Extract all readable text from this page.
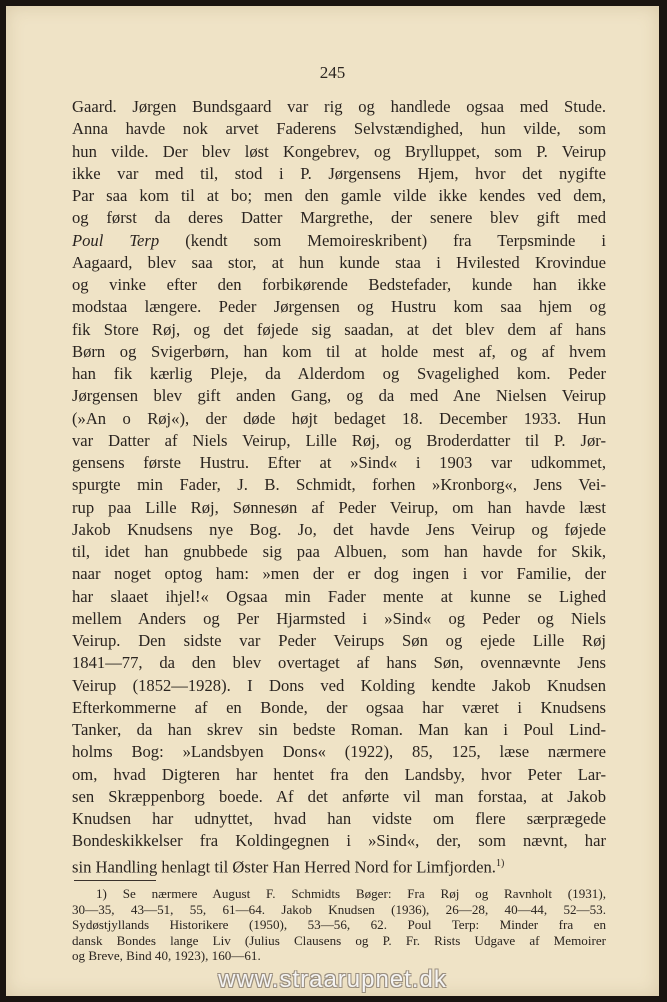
245
Gaard. Jørgen Bundsgaard var rig og handlede ogsaa med Stude.
Anna havde nok arvet Faderens Selvstændighed, hun vilde, som
hun vilde. Der blev løst Kongebrev, og Brylluppet, som P. Veirup
ikke var med til, stod i P. Jørgensens Hjem, hvor det nygifte
Par saa kom til at bo; men den gamle vilde ikke kendes ved dem,
og først da deres Datter Margrethe, der senere blev gift med
Poul Terp (kendt som Memoireskribent) fra Terpsminde i
Aagaard, blev saa stor, at hun kunde staa i Hvilested Krovindue
og vinke efter den forbikørende Bedstefader, kunde han ikke
modstaa længere. Peder Jørgensen og Hustru kom saa hjem og
fik Store Røj, og det føjede sig saadan, at det blev dem af hans
Børn og Svigerbørn, han kom til at holde mest af, og af hvem
han fik kærlig Pleje, da Alderdom og Svagelighed kom. Peder
Jørgensen blev gift anden Gang, og da med Ane Nielsen Veirup
(»An o Røj«), der døde højt bedaget 18. December 1933. Hun
var Datter af Niels Veirup, Lille Røj, og Broderdatter til P. Jør-
gensens første Hustru. Efter at »Sind« i 1903 var udkommet,
spurgte min Fader, J. B. Schmidt, forhen »Kronborg«, Jens Vei-
rup paa Lille Røj, Sønnesøn af Peder Veirup, om han havde læst
Jakob Knudsens nye Bog. Jo, det havde Jens Veirup og føjede
til, idet han gnubbede sig paa Albuen, som han havde for Skik,
naar noget optog ham: »men der er dog ingen i vor Familie, der
har slaaet ihjel!« Ogsaa min Fader mente at kunne se Lighed
mellem Anders og Per Hjarmsted i »Sind« og Peder og Niels
Veirup. Den sidste var Peder Veirups Søn og ejede Lille Røj
1841—77, da den blev overtaget af hans Søn, ovennævnte Jens
Veirup (1852—1928). I Dons ved Kolding kendte Jakob Knudsen
Efterkommerne af en Bonde, der ogsaa har været i Knudsens
Tanker, da han skrev sin bedste Roman. Man kan i Poul Lind-
holms Bog: »Landsbyen Dons« (1922), 85, 125, læse nærmere
om, hvad Digteren har hentet fra den Landsby, hvor Peter Lar-
sen Skræppenborg boede. Af det anførte vil man forstaa, at Jakob
Knudsen har udnyttet, hvad han vidste om flere særprægede
Bondeskikkelser fra Koldingegnen i »Sind«, der, som nævnt, har
sin Handling henlagt til Øster Han Herred Nord for Limfjorden.$^{1)}$
1) Se nærmere August F. Schmidts Bøger: Fra Røj og Ravnholt (1931),
30—35, 43—51, 55, 61—64. Jakob Knudsen (1936), 26—28, 40—44, 52—53.
Sydøstjyllands Historikere (1950), 53—56, 62. Poul Terp: Minder fra en
dansk Bondes lange Liv (Julius Clausens og P. Fr. Rists Udgave af Memoirer
og Breve, Bind 40, 1923), 160—61.
www.straarupnet.dk
